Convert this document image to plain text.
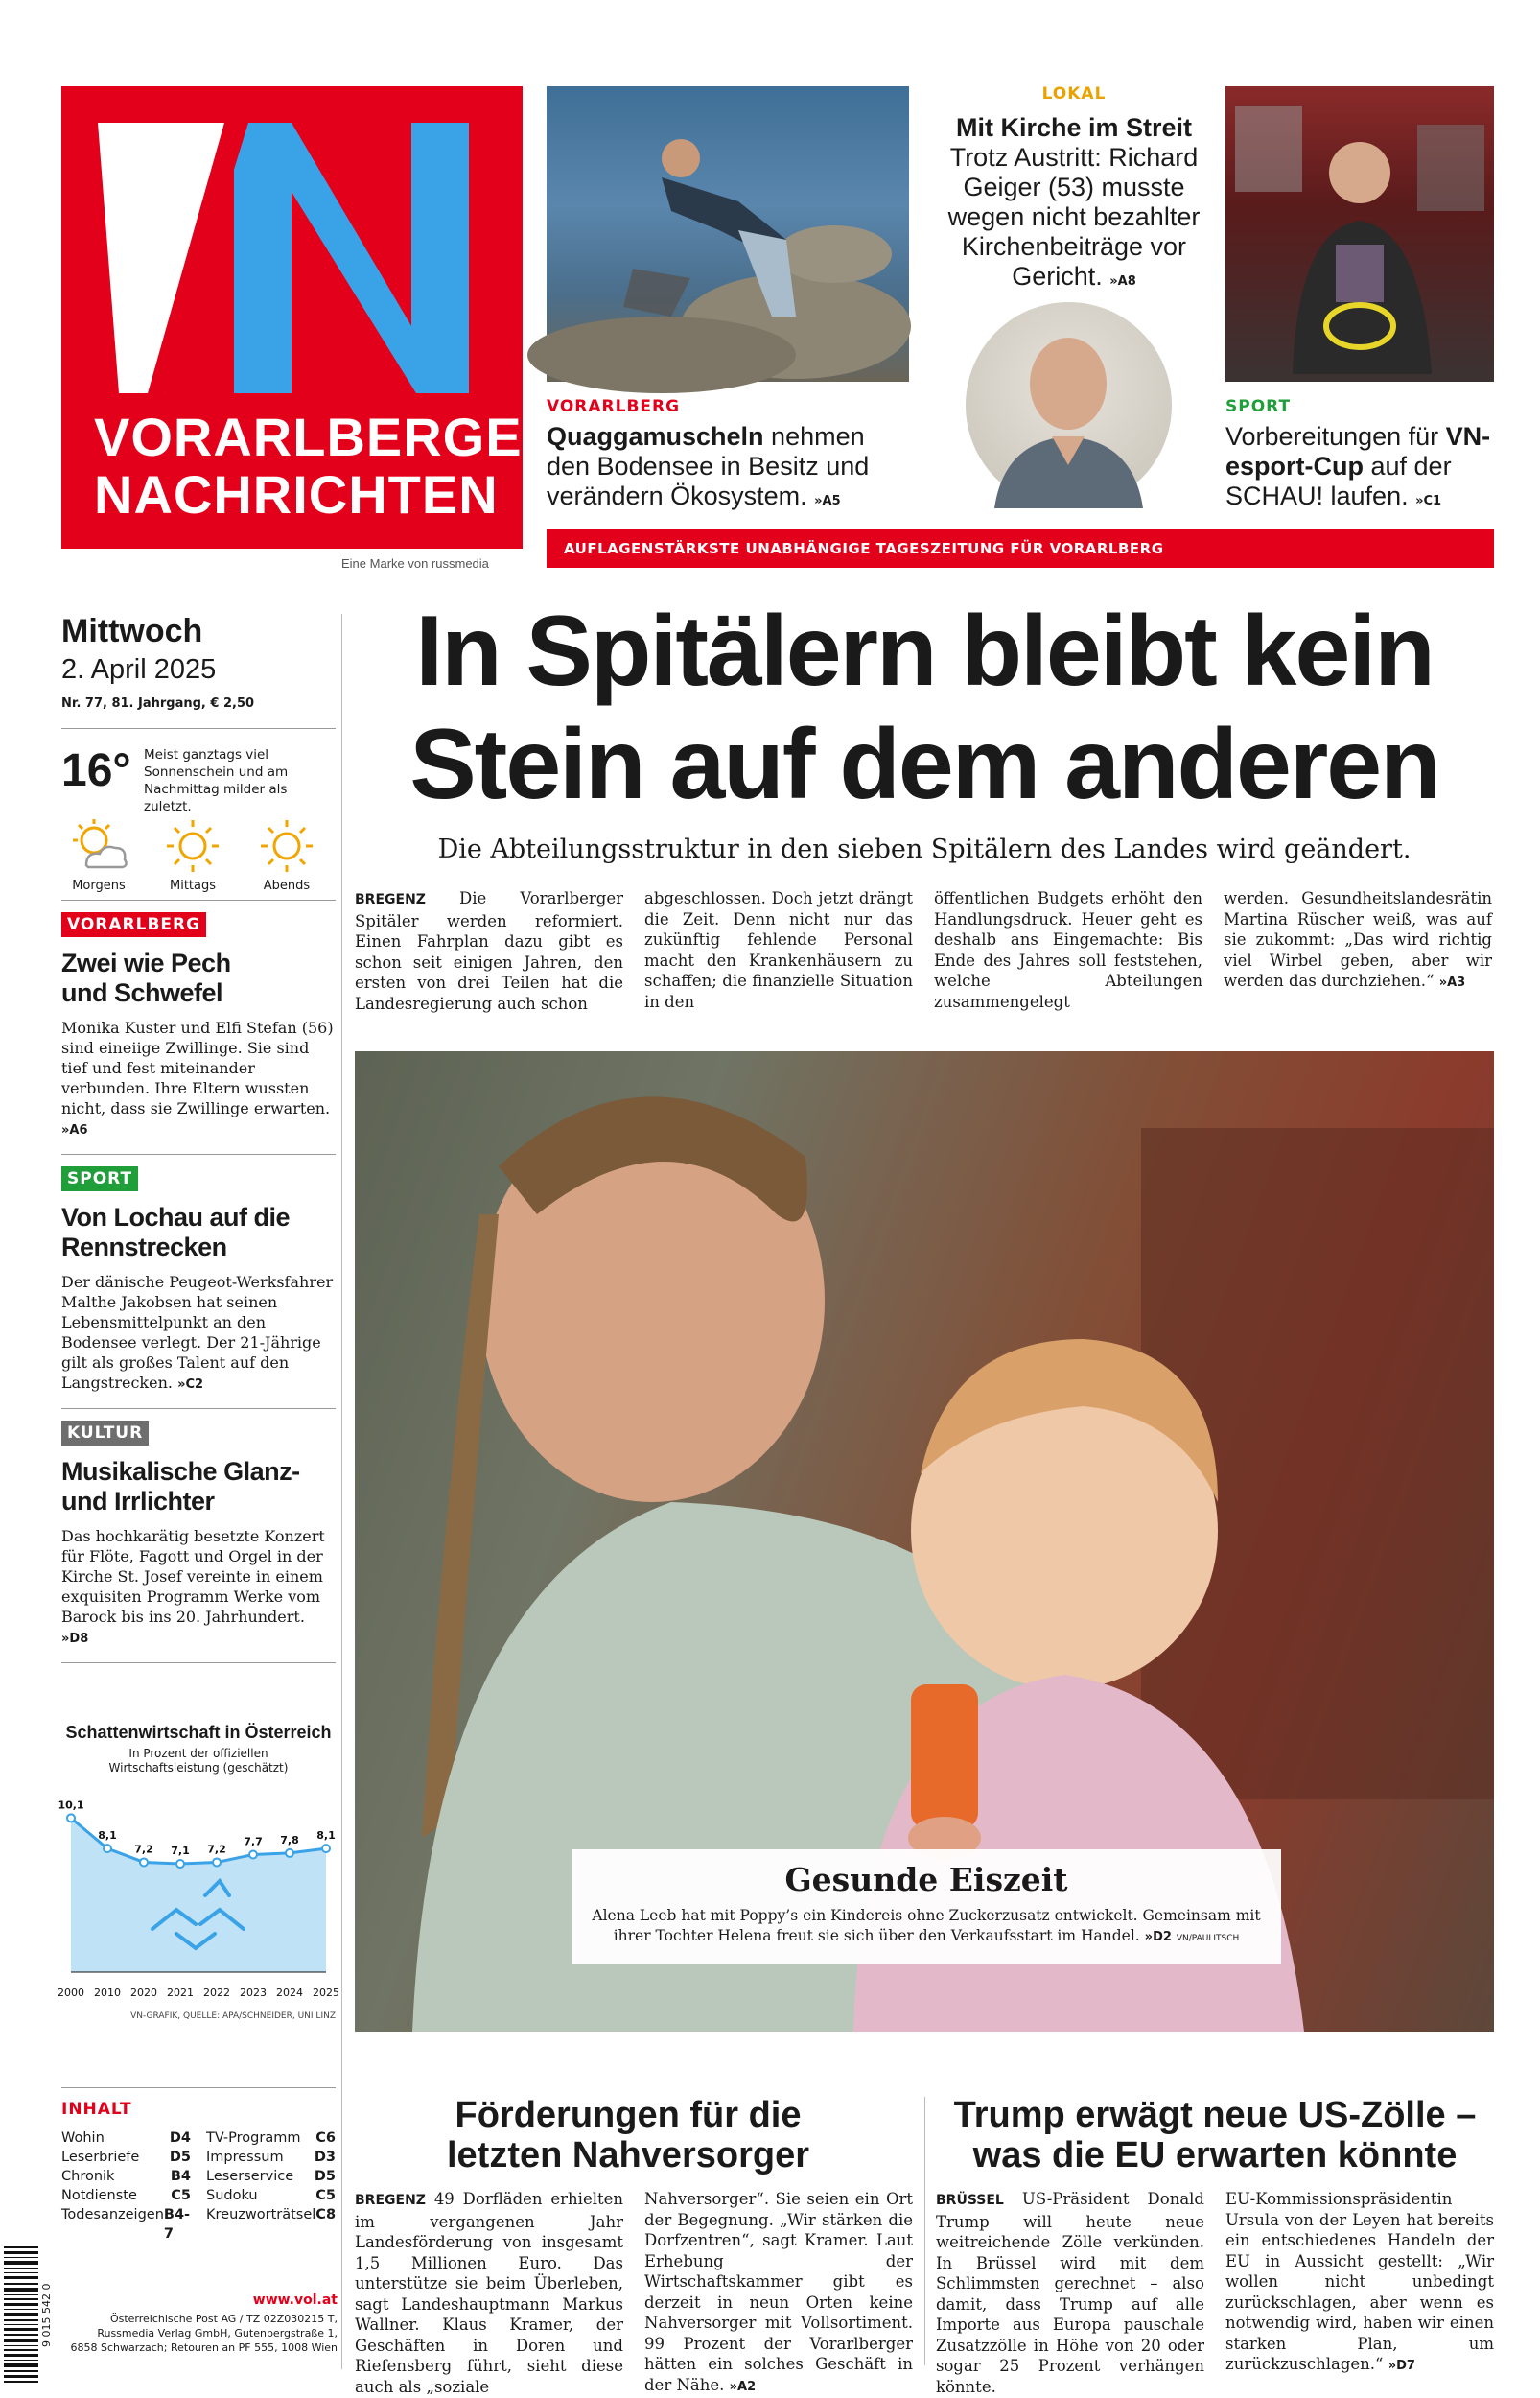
VORARLBERGER
NACHRICHTEN
Eine Marke von russmedia
VORARLBERG
Quaggamuscheln nehmen den Bodensee in Besitz und verändern Ökosystem. »A5
LOKAL
Mit Kirche im Streit
Trotz Austritt: Richard Geiger (53) musste wegen nicht bezahlter Kirchenbeiträge vor Gericht. »A8
SPORT
Vorbereitungen für VN-esport-Cup auf der SCHAU! laufen. »C1
AUFLAGENSTÄRKSTE UNABHÄNGIGE TAGESZEITUNG FÜR VORARLBERG
Mittwoch
2. April 2025
Nr. 77, 81. Jahrgang, € 2,50
16° Meist ganztags viel Sonnenschein und am Nachmittag milder als zuletzt.
Morgens	Mittags	Abends
VORARLBERG
Zwei wie Pech und Schwefel
Monika Kuster und Elfi Stefan (56) sind eineiige Zwillinge. Sie sind tief und fest miteinander verbunden. Ihre Eltern wussten nicht, dass sie Zwillinge erwarten. »A6
SPORT
Von Lochau auf die Rennstrecken
Der dänische Peugeot-Werksfahrer Malthe Jakobsen hat seinen Lebensmittelpunkt an den Bodensee verlegt. Der 21-Jährige gilt als großes Talent auf den Langstrecken. »C2
KULTUR
Musikalische Glanz- und Irrlichter
Das hochkarätig besetzte Konzert für Flöte, Fagott und Orgel in der Kirche St. Josef vereinte in einem exquisiten Programm Werke vom Barock bis ins 20. Jahrhundert. »D8
Schattenwirtschaft in Österreich
In Prozent der offiziellen Wirtschaftsleistung (geschätzt)
10,1
2000
8,1
2010
7,2
2020
7,1
2021
7,2
2022
7,7
2023
7,8
2024
8,1
2025
VN-GRAFIK, QUELLE: APA/SCHNEIDER, UNI LINZ
INHALT
Wohin	D4
Leserbriefe D5
Chronik	B4
Notdienste C5
Todesanzeigen B4-7
TV-Programm C6
Impressum D3
Leserservice D5
Sudoku	C5
Kreuzworträtsel C8
9 015 542 0	www.vol.at
Österreichische Post AG / TZ 02Z030215 T, Russmedia Verlag GmbH, Gutenbergstraße 1, 6858 Schwarzach; Retouren an PF 555, 1008 Wien
In Spitälern bleibt kein
Stein auf dem anderen
Die Abteilungsstruktur in den sieben Spitälern des Landes wird geändert.
BREGENZ Die Vorarlberger Spitäler werden reformiert. Einen Fahrplan dazu gibt es schon seit einigen Jahren, den ersten von drei Teilen hat die Landesregierung auch schon
abgeschlossen. Doch jetzt drängt die Zeit. Denn nicht nur das zukünftig fehlende Personal macht den Krankenhäusern zu schaffen; die finanzielle Situation in den
öffentlichen Budgets erhöht den Handlungsdruck. Heuer geht es deshalb ans Eingemachte: Bis Ende des Jahres soll feststehen, welche Abteilungen zusammengelegt
werden. Gesundheitslandesrätin Martina Rüscher weiß, was auf sie zukommt: „Das wird richtig viel Wirbel geben, aber wir werden das durchziehen.“ »A3
Gesunde Eiszeit
Alena Leeb hat mit Poppy’s ein Kindereis ohne Zuckerzusatz entwickelt. Gemeinsam mit ihrer Tochter Helena freut sie sich über den Verkaufsstart im Handel. »D2 VN/PAULITSCH
Förderungen für die
letzten Nahversorger
BREGENZ 49 Dorfläden erhielten im vergangenen Jahr Landesförderung von insgesamt 1,5 Millionen Euro. Das unterstütze sie beim Überleben, sagt Landeshauptmann Markus Wallner. Klaus Kramer, der Geschäften in Doren und Riefensberg führt, sieht diese auch als „soziale
Nahversorger“. Sie seien ein Ort der Begegnung. „Wir stärken die Dorfzentren“, sagt Kramer. Laut Erhebung der Wirtschaftskammer gibt es derzeit in neun Orten keine Nahversorger mit Vollsortiment. 99 Prozent der Vorarlberger hätten ein solches Geschäft in der Nähe. »A2
Trump erwägt neue US-Zölle –
was die EU erwarten könnte
BRÜSSEL US-Präsident Donald Trump will heute neue weitreichende Zölle verkünden. In Brüssel wird mit dem Schlimmsten gerechnet – also damit, dass Trump auf alle Importe aus Europa pauschale Zusatzzölle in Höhe von 20 oder sogar 25 Prozent verhängen könnte.
EU-Kommissionspräsidentin Ursula von der Leyen hat bereits ein entschiedenes Handeln der EU in Aussicht gestellt: „Wir wollen nicht unbedingt zurückschlagen, aber wenn es notwendig wird, haben wir einen starken Plan, um zurückzuschlagen.“ »D7
